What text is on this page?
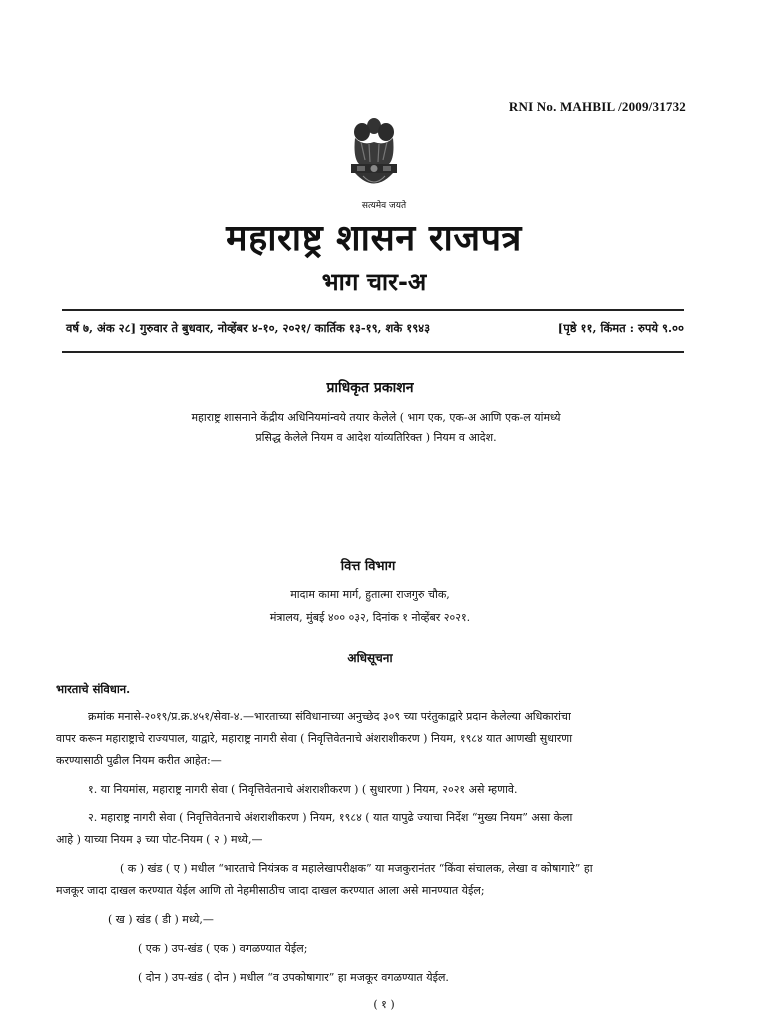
RNI No. MAHBIL /2009/31732
सत्यमेव जयते
महाराष्ट्र शासन राजपत्र
भाग चार-अ
वर्ष ७, अंक २८] गुरुवार ते बुधवार, नोव्हेंबर ४-१०, २०२१/ कार्तिक १३-१९, शके १९४३	[पृष्ठे ११, किंमत : रुपये ९.००
प्राधिकृत प्रकाशन
महाराष्ट्र शासनाने केंद्रीय अधिनियमांन्वये तयार केलेले ( भाग एक, एक-अ आणि एक-ल यांमध्ये
प्रसिद्ध केलेले नियम व आदेश यांव्यतिरिक्त ) नियम व आदेश.
वित्त विभाग
मादाम कामा मार्ग, हुतात्मा राजगुरु चौक,
मंत्रालय, मुंबई ४०० ०३२, दिनांक १ नोव्हेंबर २०२१.
अधिसूचना
भारताचे संविधान.
क्रमांक मनासे-२०१९/प्र.क्र.४५१/सेवा-४.—भारताच्या संविधानाच्या अनुच्छेद ३०९ च्या परंतुकाद्वारे प्रदान केलेल्या अधिकारांचा
वापर करून महाराष्ट्राचे राज्यपाल, याद्वारे, महाराष्ट्र नागरी सेवा ( निवृत्तिवेतनाचे अंशराशीकरण ) नियम, १९८४ यात आणखी सुधारणा
करण्यासाठी पुढील नियम करीत आहेत:—
१. या नियमांस, महाराष्ट्र नागरी सेवा ( निवृत्तिवेतनाचे अंशराशीकरण ) ( सुधारणा ) नियम, २०२१ असे म्हणावे.
२. महाराष्ट्र नागरी सेवा ( निवृत्तिवेतनाचे अंशराशीकरण ) नियम, १९८४ ( यात यापुढे ज्याचा निर्देश “मुख्य नियम” असा केला
आहे ) याच्या नियम ३ च्या पोट-नियम ( २ ) मध्ये,—
( क ) खंड ( ए ) मधील “भारताचे नियंत्रक व महालेखापरीक्षक” या मजकुरानंतर “किंवा संचालक, लेखा व कोषागारे” हा
मजकूर जादा दाखल करण्यात येईल आणि तो नेहमीसाठीच जादा दाखल करण्यात आला असे मानण्यात येईल;
( ख ) खंड ( डी ) मध्ये,—
( एक ) उप-खंड ( एक ) वगळण्यात येईल;
( दोन ) उप-खंड ( दोन ) मधील “व उपकोषागार” हा मजकूर वगळण्यात येईल.
( १ )
